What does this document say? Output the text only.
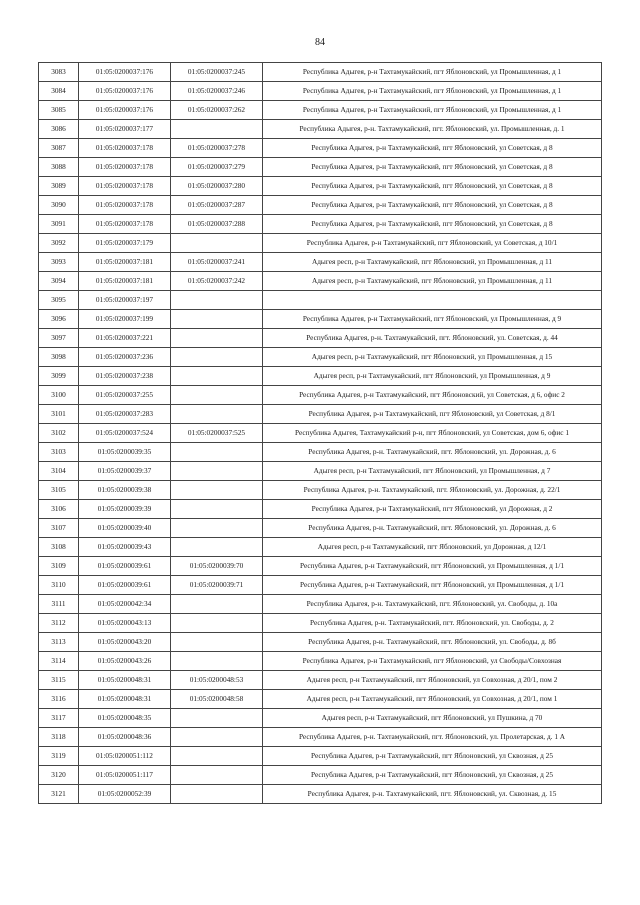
84
3083	01:05:0200037:176	01:05:0200037:245	Республика Адыгея, р-н Тахтамукайский, пгт Яблоновский, ул Промышленная, д 1
3084	01:05:0200037:176	01:05:0200037:246	Республика Адыгея, р-н Тахтамукайский, пгт Яблоновский, ул Промышленная, д 1
3085	01:05:0200037:176	01:05:0200037:262	Республика Адыгея, р-н Тахтамукайский, пгт Яблоновский, ул Промышленная, д 1
3086	01:05:0200037:177		Республика Адыгея, р-н. Тахтамукайский, пгт. Яблоновский, ул. Промышленная, д. 1
3087	01:05:0200037:178	01:05:0200037:278	Республика Адыгея, р-н Тахтамукайский, пгт Яблоновский, ул Советская, д 8
3088	01:05:0200037:178	01:05:0200037:279	Республика Адыгея, р-н Тахтамукайский, пгт Яблоновский, ул Советская, д 8
3089	01:05:0200037:178	01:05:0200037:280	Республика Адыгея, р-н Тахтамукайский, пгт Яблоновский, ул Советская, д 8
3090	01:05:0200037:178	01:05:0200037:287	Республика Адыгея, р-н Тахтамукайский, пгт Яблоновский, ул Советская, д 8
3091	01:05:0200037:178	01:05:0200037:288	Республика Адыгея, р-н Тахтамукайский, пгт Яблоновский, ул Советская, д 8
3092	01:05:0200037:179		Республика Адыгея, р-н Тахтамукайский, пгт Яблоновский, ул Советская, д 10/1
3093	01:05:0200037:181	01:05:0200037:241	Адыгея респ, р-н Тахтамукайский, пгт Яблоновский, ул Промышленная, д 11
3094	01:05:0200037:181	01:05:0200037:242	Адыгея респ, р-н Тахтамукайский, пгт Яблоновский, ул Промышленная, д 11
3095	01:05:0200037:197		
3096	01:05:0200037:199		Республика Адыгея, р-н Тахтамукайский, пгт Яблоновский, ул Промышленная, д 9
3097	01:05:0200037:221		Республика Адыгея, р-н. Тахтамукайский, пгт. Яблоновский, ул. Советская, д. 44
3098	01:05:0200037:236		Адыгея респ, р-н Тахтамукайский, пгт Яблоновский, ул Промышленная, д 15
3099	01:05:0200037:238		Адыгея респ, р-н Тахтамукайский, пгт Яблоновский, ул Промышленная, д 9
3100	01:05:0200037:255		Республика Адыгея, р-н Тахтамукайский, пгт Яблоновский, ул Советская, д 6, офис 2
3101	01:05:0200037:283		Республика Адыгея, р-н Тахтамукайский, пгт Яблоновский, ул Советская, д 8/1
3102	01:05:0200037:524	01:05:0200037:525	Республика Адыгея, Тахтамукайский р-н, пгт Яблоновский, ул Советская, дом 6, офис 1
3103	01:05:0200039:35		Республика Адыгея, р-н. Тахтамукайский, пгт. Яблоновский, ул. Дорожная, д. 6
3104	01:05:0200039:37		Адыгея респ, р-н Тахтамукайский, пгт Яблоновский, ул Промышленная, д 7
3105	01:05:0200039:38		Республика Адыгея, р-н. Тахтамукайский, пгт. Яблоновский, ул. Дорожная, д. 22/1
3106	01:05:0200039:39		Республика Адыгея, р-н Тахтамукайский, пгт Яблоновский, ул Дорожная, д 2
3107	01:05:0200039:40		Республика Адыгея, р-н. Тахтамукайский, пгт. Яблоновский, ул. Дорожная, д. 6
3108	01:05:0200039:43		Адыгея респ, р-н Тахтамукайский, пгт Яблоновский, ул Дорожная, д 12/1
3109	01:05:0200039:61	01:05:0200039:70	Республика Адыгея, р-н Тахтамукайский, пгт Яблоновский, ул Промышленная, д 1/1
3110	01:05:0200039:61	01:05:0200039:71	Республика Адыгея, р-н Тахтамукайский, пгт Яблоновский, ул Промышленная, д 1/1
3111	01:05:0200042:34		Республика Адыгея, р-н. Тахтамукайский, пгт. Яблоновский, ул. Свободы, д. 10а
3112	01:05:0200043:13		Республика Адыгея, р-н. Тахтамукайский, пгт. Яблоновский, ул. Свободы, д. 2
3113	01:05:0200043:20		Республика Адыгея, р-н. Тахтамукайский, пгт. Яблоновский, ул. Свободы, д. 8б
3114	01:05:0200043:26		Республика Адыгея, р-н Тахтамукайский, пгт Яблоновский, ул Свободы/Совхозная
3115	01:05:0200048:31	01:05:0200048:53	Адыгея респ, р-н Тахтамукайский, пгт Яблоновский, ул Совхозная, д 20/1, пом 2
3116	01:05:0200048:31	01:05:0200048:58	Адыгея респ, р-н Тахтамукайский, пгт Яблоновский, ул Совхозная, д 20/1, пом 1
3117	01:05:0200048:35		Адыгея респ, р-н Тахтамукайский, пгт Яблоновский, ул Пушкина, д 70
3118	01:05:0200048:36		Республика Адыгея, р-н. Тахтамукайский, пгт. Яблоновский, ул. Пролетарская, д. 1 А
3119	01:05:0200051:112		Республика Адыгея, р-н Тахтамукайский, пгт Яблоновский, ул Сквозная, д 25
3120	01:05:0200051:117		Республика Адыгея, р-н Тахтамукайский, пгт Яблоновский, ул Сквозная, д 25
3121	01:05:0200052:39		Республика Адыгея, р-н. Тахтамукайский, пгт. Яблоновский, ул. Сквозная, д. 15
